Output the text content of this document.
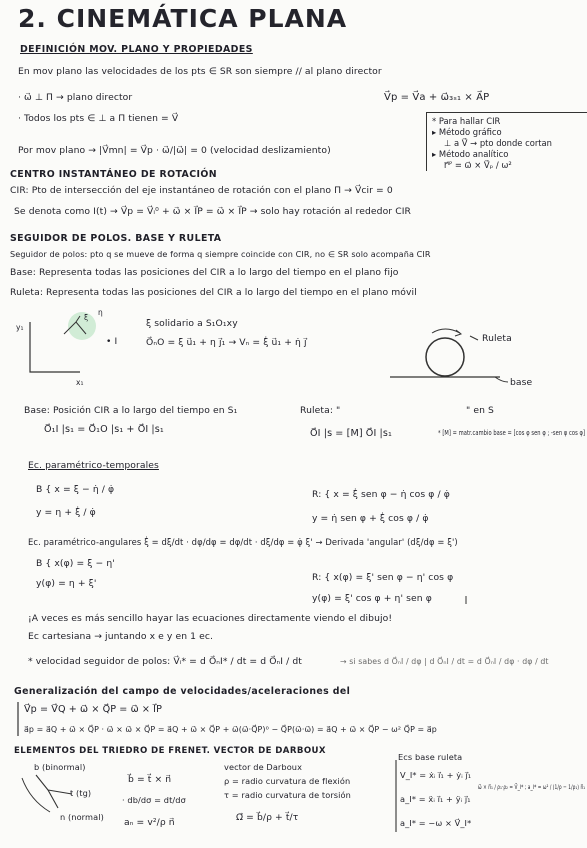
2. CINEMÁTICA PLANA
DEFINICIÓN MOV. PLANO Y PROPIEDADES
En mov plano las velocidades de los pts ∈ SR son siempre // al plano director
· ω⃗ ⊥ Π → plano director	V⃗p = V⃗a + ω⃗₃ₛ₁ × A⃗P
· Todos los pts ∈ ⊥ a Π tienen = V⃗
Por mov plano → |V⃗mn| = V⃗p · ω⃗/|ω⃗| = 0 (velocidad deslizamiento)
* Para hallar CIR
▸ Método gráfico
⊥ a V⃗ → pto donde cortan
▸ Método analítico
r⃗ᴵᴾ = ω⃗ × V⃗ₚ / ω²
CENTRO INSTANTÁNEO DE ROTACIÓN
CIR: Pto de intersección del eje instantáneo de rotación con el plano Π → V⃗cir = 0
Se denota como I(t) → V⃗p = V⃗ᵢ⁰ + ω⃗ × I⃗P = ω⃗ × I⃗P → solo hay rotación al rededor CIR
SEGUIDOR DE POLOS. BASE Y RULETA
Seguidor de polos: pto q se mueve de forma q siempre coincide con CIR, no ∈ SR solo acompaña CIR
Base: Representa todas las posiciones del CIR a lo largo del tiempo en el plano fijo
Ruleta: Representa todas las posiciones del CIR a lo largo del tiempo en el plano móvil
y₁
x₁
ξ
η
• I
ξ solidario a S₁O₁xy
O⃗ₙO = ξ u⃗₁ + η j⃗₁ → Vₙ = ξ̇ u⃗₁ + η̇ j⃗	Ruleta
base
Base: Posición CIR a lo largo del tiempo en S₁
O⃗₁I |s₁ = O⃗₁O |s₁ + O⃗I |s₁
Ruleta: "	" en S
O⃗I |s = [M] O⃗I |s₁	* [M] = matr.cambio base = [cos φ sen φ ; -sen φ cos φ]
Ec. paramétrico-temporales
B { x = ξ − η̇ / φ̇
y = η + ξ̇ / φ̇
R: { x = ξ̇ sen φ − η̇ cos φ / φ̇
y = η̇ sen φ + ξ̇ cos φ / φ̇
Ec. paramétrico-angulares ξ̇ = dξ/dt · dφ/dφ = dφ/dt · dξ/dφ = φ̇ ξ' → Derivada 'angular' (dξ/dφ = ξ')
B { x(φ) = ξ − η'
y(φ) = η + ξ'
R: { x(φ) = ξ' sen φ − η' cos φ
y(φ) = ξ' cos φ + η' sen φ
¡A veces es más sencillo hayar las ecuaciones directamente viendo el dibujo!
Ec cartesiana → juntando x e y en 1 ec.
* velocidad seguidor de polos: V⃗ᵢ* = d O⃗ₙI* / dt = d O⃗ₙI / dt	→ si sabes d O⃗ₙI / dφ | d O⃗ₙI / dt = d O⃗ₙI / dφ · dφ / dt
Generalización del campo de velocidades/aceleraciones del
V⃗p = V⃗Q + ω⃗ × Q⃗P = ω⃗ × I⃗P
a⃗p = a⃗Q + ω⃗ × Q⃗P · ω⃗ × ω⃗ × Q⃗P = a⃗Q + ω⃗ × Q⃗P + ω⃗(ω⃗·Q⃗P)⁰ − Q⃗P(ω⃗·ω⃗) = a⃗Q + ω⃗ × Q⃗P − ω² Q⃗P = a⃗p
ELEMENTOS DEL TRIEDRO DE FRENET. VECTOR DE DARBOUX
b (binormal)
t (tg)
n (normal)
b⃗ = t⃗ × n⃗
· db/dσ = dt/dσ
aₙ = v²/ρ n⃗
vector de Darboux
ρ = radio curvatura de flexión
τ = radio curvatura de torsión
Ω⃗ = b⃗/ρ + t⃗/τ
Ecs base ruleta
V_I* = ẋᵢ i⃗₁ + ẏᵢ j⃗₁
a_I* = ẍᵢ i⃗₁ + ÿᵢ j⃗₁
ω⃗ × n⃗₁ / ρ₁·ρ₂ = V⃗_I* ; a_I* = ω² / (1/ρ − 1/ρ₁) n⃗₁
a_I* = −ω × V⃗_I*
